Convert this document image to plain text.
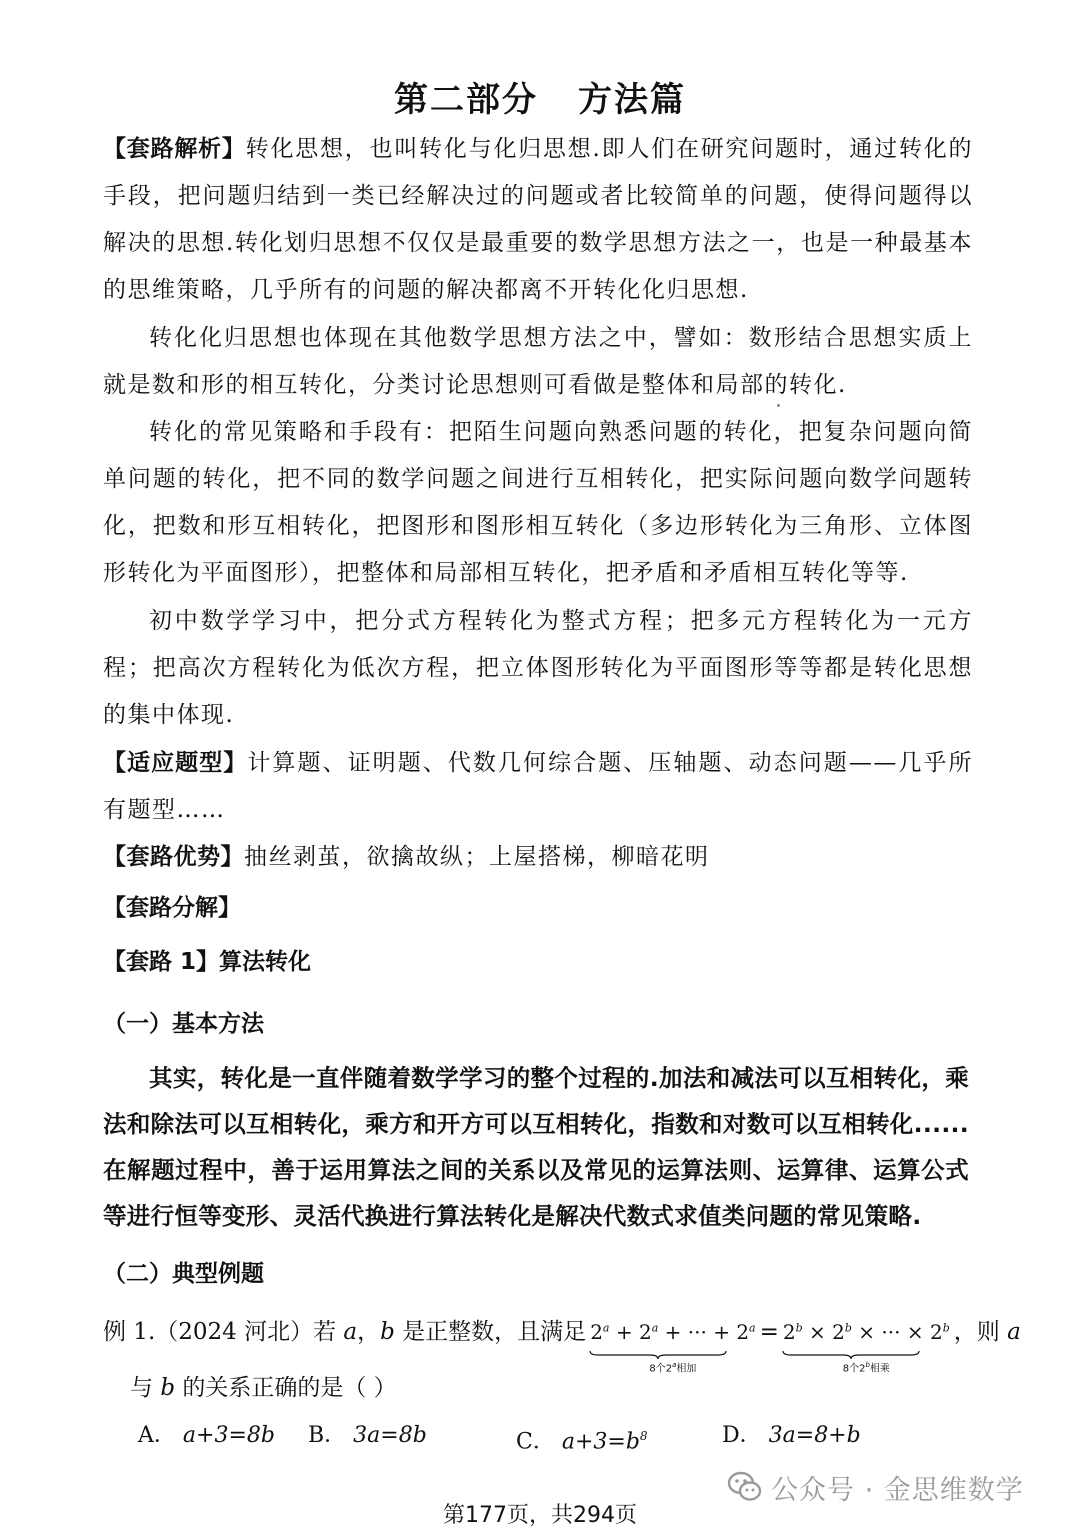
第二部分 方法篇
【套路解析】转化思想，也叫转化与化归思想.即人们在研究问题时，通过转化的手段，把问题归结到一类已经解决过的问题或者比较简单的问题，使得问题得以解决的思想.转化划归思想不仅仅是最重要的数学思想方法之一，也是一种最基本的思维策略，几乎所有的问题的解决都离不开转化化归思想.
转化化归思想也体现在其他数学思想方法之中，譬如：数形结合思想实质上就是数和形的相互转化，分类讨论思想则可看做是整体和局部的转化.
转化的常见策略和手段有：把陌生问题向熟悉问题的转化，把复杂问题向简单问题的转化，把不同的数学问题之间进行互相转化，把实际问题向数学问题转化，把数和形互相转化，把图形和图形相互转化（多边形转化为三角形、立体图形转化为平面图形），把整体和局部相互转化，把矛盾和矛盾相互转化等等.
初中数学学习中，把分式方程转化为整式方程；把多元方程转化为一元方程；把高次方程转化为低次方程，把立体图形转化为平面图形等等都是转化思想的集中体现.
【适应题型】计算题、证明题、代数几何综合题、压轴题、动态问题——几乎所有题型……
【套路优势】抽丝剥茧，欲擒故纵；上屋搭梯，柳暗花明
【套路分解】
【套路 1】算法转化
（一）基本方法
其实，转化是一直伴随着数学学习的整个过程的.加法和减法可以互相转化，乘法和除法可以互相转化，乘方和开方可以互相转化，指数和对数可以互相转化......在解题过程中，善于运用算法之间的关系以及常见的运算法则、运算律、运算公式等进行恒等变形、灵活代换进行算法转化是解决代数式求值类问题的常见策略.
（二）典型例题
例 1.（2024 河北）若 a，b 是正整数，且满足 $2^a + 2^a$ + ··· + $2^a$
8个2$^a$相加
= $2^b \times 2^b$ × ··· × $2^b$
8个2$^b$相乘
，则 a
与 b 的关系正确的是（ ）
A． a+3=8b B． 3a=8b	C． $a+3=b^8$	D． 3a=8+b
公众号 · 金思维数学
第177页，共294页
